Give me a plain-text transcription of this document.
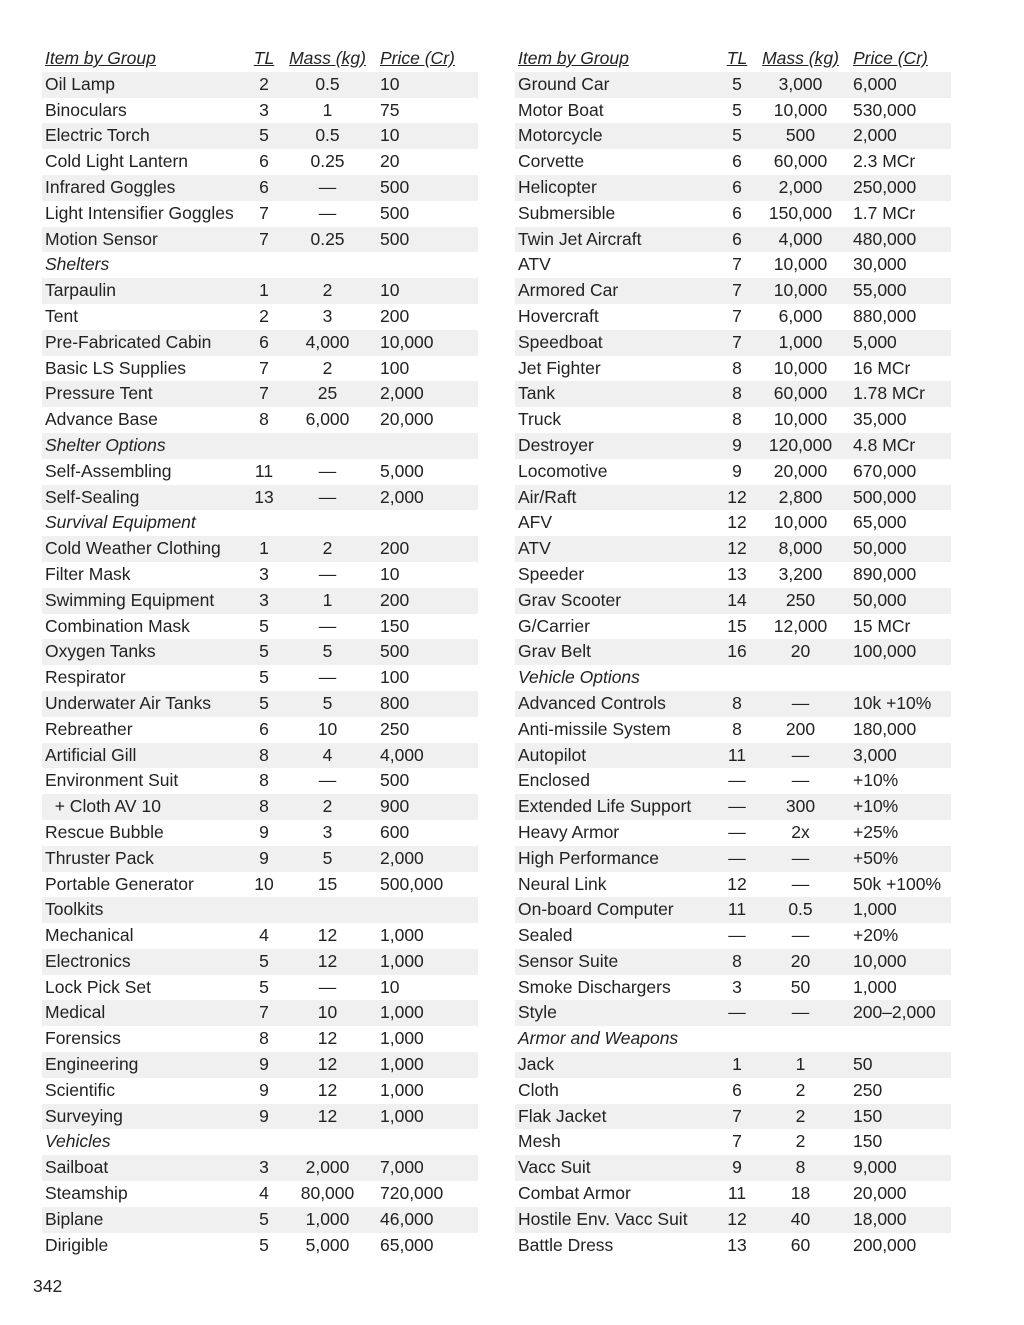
Item by Group	TL	Mass (kg)	Price (Cr)
Oil Lamp	2	0.5	10
Binoculars	3	1	75
Electric Torch	5	0.5	10
Cold Light Lantern	6	0.25	20
Infrared Goggles	6	—	500
Light Intensifier Goggles	7	—	500
Motion Sensor	7	0.25	500
Shelters			
Tarpaulin	1	2	10
Tent	2	3	200
Pre-Fabricated Cabin	6	4,000	10,000
Basic LS Supplies	7	2	100
Pressure Tent	7	25	2,000
Advance Base	8	6,000	20,000
Shelter Options			
Self-Assembling	11	—	5,000
Self-Sealing	13	—	2,000
Survival Equipment			
Cold Weather Clothing	1	2	200
Filter Mask	3	—	10
Swimming Equipment	3	1	200
Combination Mask	5	—	150
Oxygen Tanks	5	5	500
Respirator	5	—	100
Underwater Air Tanks	5	5	800
Rebreather	6	10	250
Artificial Gill	8	4	4,000
Environment Suit	8	—	500
+ Cloth AV 10	8	2	900
Rescue Bubble	9	3	600
Thruster Pack	9	5	2,000
Portable Generator	10	15	500,000
Toolkits			
Mechanical	4	12	1,000
Electronics	5	12	1,000
Lock Pick Set	5	—	10
Medical	7	10	1,000
Forensics	8	12	1,000
Engineering	9	12	1,000
Scientific	9	12	1,000
Surveying	9	12	1,000
Vehicles			
Sailboat	3	2,000	7,000
Steamship	4	80,000	720,000
Biplane	5	1,000	46,000
Dirigible	5	5,000	65,000
Item by Group	TL	Mass (kg)	Price (Cr)
Ground Car	5	3,000	6,000
Motor Boat	5	10,000	530,000
Motorcycle	5	500	2,000
Corvette	6	60,000	2.3 MCr
Helicopter	6	2,000	250,000
Submersible	6	150,000	1.7 MCr
Twin Jet Aircraft	6	4,000	480,000
ATV	7	10,000	30,000
Armored Car	7	10,000	55,000
Hovercraft	7	6,000	880,000
Speedboat	7	1,000	5,000
Jet Fighter	8	10,000	16 MCr
Tank	8	60,000	1.78 MCr
Truck	8	10,000	35,000
Destroyer	9	120,000	4.8 MCr
Locomotive	9	20,000	670,000
Air/Raft	12	2,800	500,000
AFV	12	10,000	65,000
ATV	12	8,000	50,000
Speeder	13	3,200	890,000
Grav Scooter	14	250	50,000
G/Carrier	15	12,000	15 MCr
Grav Belt	16	20	100,000
Vehicle Options			
Advanced Controls	8	—	10k +10%
Anti-missile System	8	200	180,000
Autopilot	11	—	3,000
Enclosed	—	—	+10%
Extended Life Support	—	300	+10%
Heavy Armor	—	2x	+25%
High Performance	—	—	+50%
Neural Link	12	—	50k +100%
On-board Computer	11	0.5	1,000
Sealed	—	—	+20%
Sensor Suite	8	20	10,000
Smoke Dischargers	3	50	1,000
Style	—	—	200–2,000
Armor and Weapons			
Jack	1	1	50
Cloth	6	2	250
Flak Jacket	7	2	150
Mesh	7	2	150
Vacc Suit	9	8	9,000
Combat Armor	11	18	20,000
Hostile Env. Vacc Suit	12	40	18,000
Battle Dress	13	60	200,000
342
